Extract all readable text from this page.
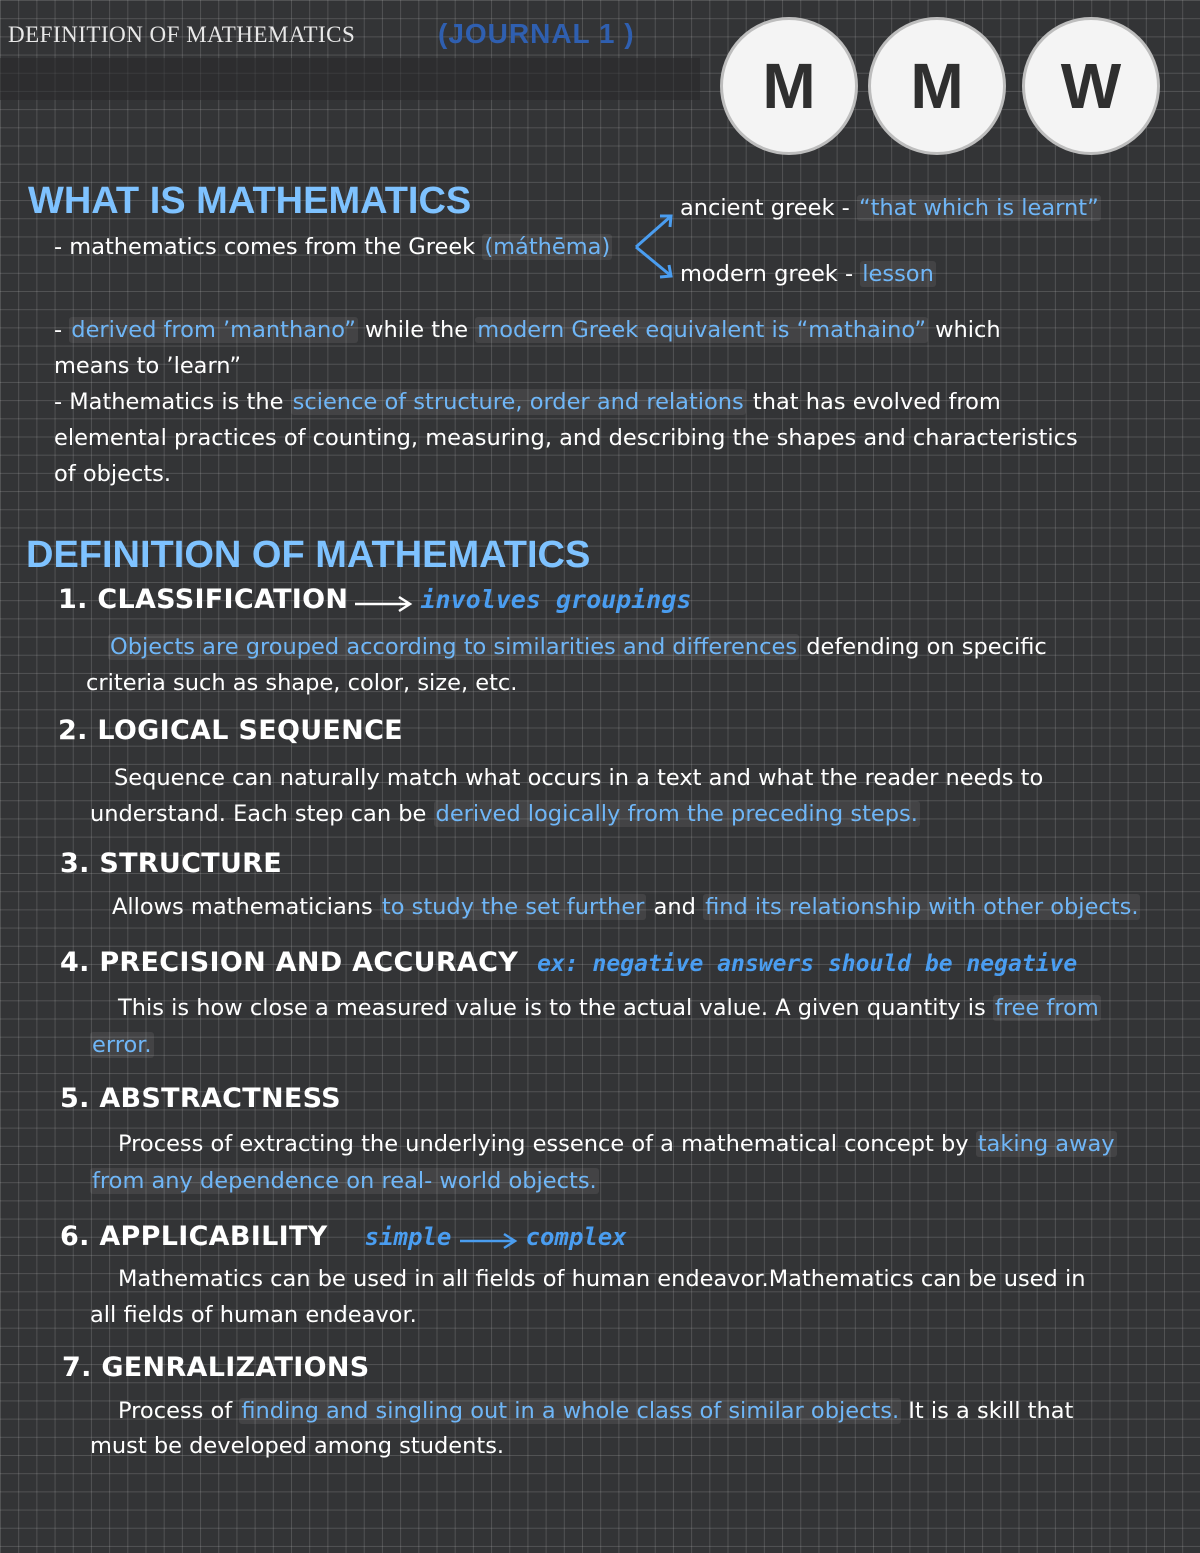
DEFINITION OF MATHEMATICS	(JOURNAL 1 )
M	M	W
WHAT IS MATHEMATICS
- mathematics comes from the Greek (máthēma)
ancient greek - “that which is learnt”
modern greek - lesson
- derived from ’manthano” while the modern Greek equivalent is “mathaino” which
means to ’learn”
- Mathematics is the science of structure, order and relations that has evolved from
elemental practices of counting, measuring, and describing the shapes and characteristics
of objects.
DEFINITION OF MATHEMATICS
1. CLASSIFICATION	involves groupings
Objects are grouped according to similarities and differences defending on specific
criteria such as shape, color, size, etc.
2. LOGICAL SEQUENCE
Sequence can naturally match what occurs in a text and what the reader needs to
understand. Each step can be derived logically from the preceding steps.
3. STRUCTURE
Allows mathematicians to study the set further and find its relationship with other objects.
4. PRECISION AND ACCURACY ex: negative answers should be negative
This is how close a measured value is to the actual value. A given quantity is free from
error.
5. ABSTRACTNESS
Process of extracting the underlying essence of a mathematical concept by taking away
from any dependence on real- world objects.
6. APPLICABILITY simple	complex
Mathematics can be used in all fields of human endeavor.Mathematics can be used in
all fields of human endeavor.
7. GENRALIZATIONS
Process of finding and singling out in a whole class of similar objects. It is a skill that
must be developed among students.
